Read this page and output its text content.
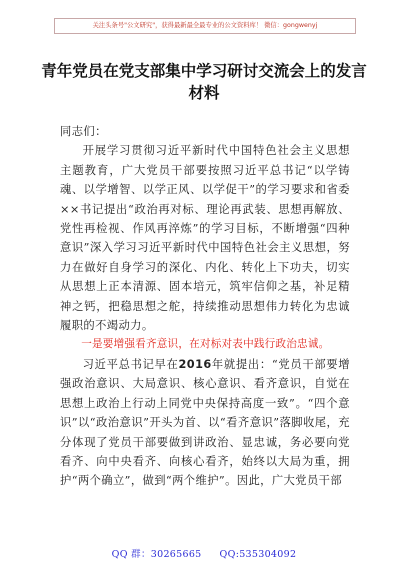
关注头条号"公文研究"，获得最新最全最专业的公文资料库！ 微信：gongwenyj
青年党员在党支部集中学习研讨交流会上的发言材料

同志们：

开展学习贯彻习近平新时代中国特色社会主义思想主题教育，广大党员干部要按照习近平总书记“以学铸魂、以学增智、以学正风、以学促干”的学习要求和省委××书记提出“政治再对标、理论再武装、思想再解放、党性再检视、作风再淬炼”的学习目标，不断增强“四种意识”深入学习习近平新时代中国特色社会主义思想，努力在做好自身学习的深化、内化、转化上下功夫，切实从思想上正本清源、固本培元，筑牢信仰之基，补足精神之钙，把稳思想之舵，持续推动思想伟力转化为忠诚履职的不竭动力。

一是要增强看齐意识，在对标对表中践行政治忠诚。

习近平总书记早在2016年就提出：“党员干部要增强政治意识、大局意识、核心意识、看齐意识，自觉在思想上政治上行动上同党中央保持高度一致”。“四个意识”以“政治意识”开头为首、以“看齐意识”落脚收尾，充分体现了党员干部要做到讲政治、显忠诚，务必要向党看齐、向中央看齐、向核心看齐，始终以大局为重，拥护“两个确立”，做到“两个维护”。因此，广大党员干部

QQ 群：30265665 QQ:535304092
